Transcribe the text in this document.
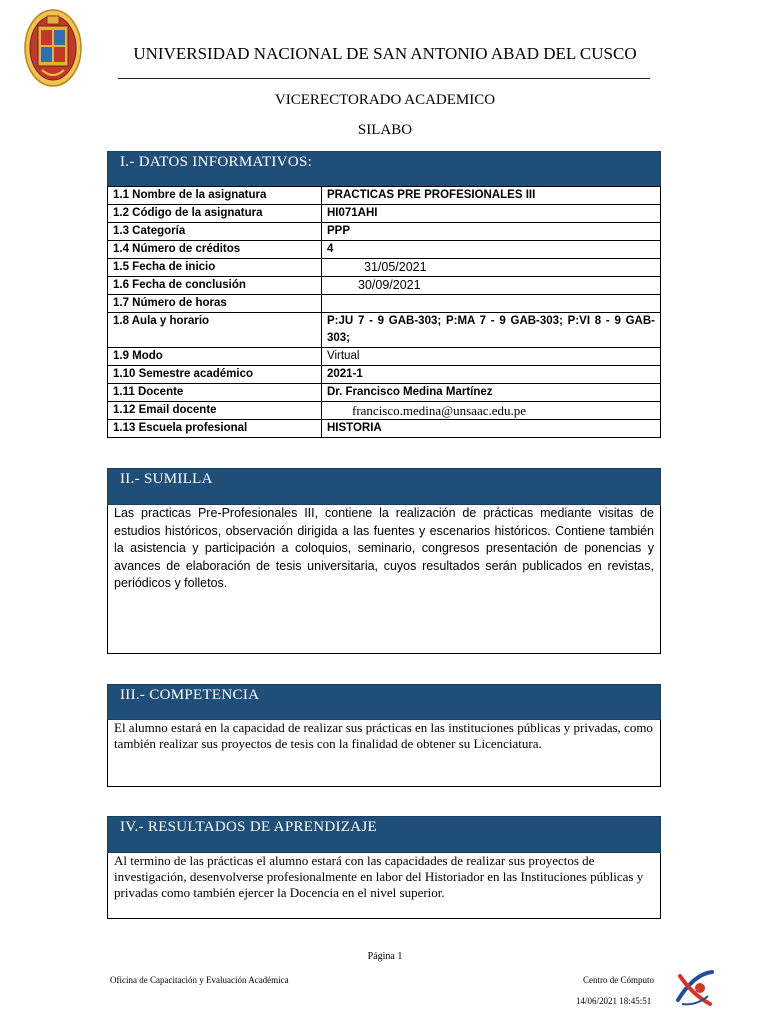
UNIVERSIDAD NACIONAL DE SAN ANTONIO ABAD DEL CUSCO
VICERECTORADO ACADEMICO
SILABO
I.- DATOS INFORMATIVOS:
1.1 Nombre de la asignatura	PRACTICAS PRE PROFESIONALES III
1.2 Código de la asignatura	HI071AHI
1.3 Categoría	PPP
1.4 Número de créditos	4
1.5 Fecha de inicio	31/05/2021
1.6 Fecha de conclusión	30/09/2021
1.7 Número de horas	
1.8 Aula y horario	P:JU 7 - 9 GAB-303; P:MA 7 - 9 GAB-303; P:VI 8 - 9 GAB-303;
1.9 Modo	Virtual
1.10 Semestre académico	2021-1
1.11 Docente	Dr. Francisco Medina Martínez
1.12 Email docente	francisco.medina@unsaac.edu.pe
1.13 Escuela profesional	HISTORIA
II.- SUMILLA

Las practicas Pre-Profesionales III, contiene la realización de prácticas mediante visitas de estudios históricos, observación dirigida a las fuentes y escenarios históricos. Contiene también la asistencia y participación a coloquios, seminario, congresos presentación de ponencias y avances de elaboración de tesis universitaria, cuyos resultados serán publicados en revistas, periódicos y folletos.

III.- COMPETENCIA

El alumno estará en la capacidad de realizar sus prácticas en las instituciones públicas y privadas, como también realizar sus proyectos de tesis con la finalidad de obtener su Licenciatura.

IV.- RESULTADOS DE APRENDIZAJE

Al termino de las prácticas el alumno estará con las capacidades de realizar sus proyectos de investigación, desenvolverse profesionalmente en labor del Historiador en las Instituciones públicas y privadas como también ejercer la Docencia en el nivel superior.

Página 1
Oficina de Capacitación y Evaluación Académica	Centro de Cómputo
14/06/2021 18:45:51
